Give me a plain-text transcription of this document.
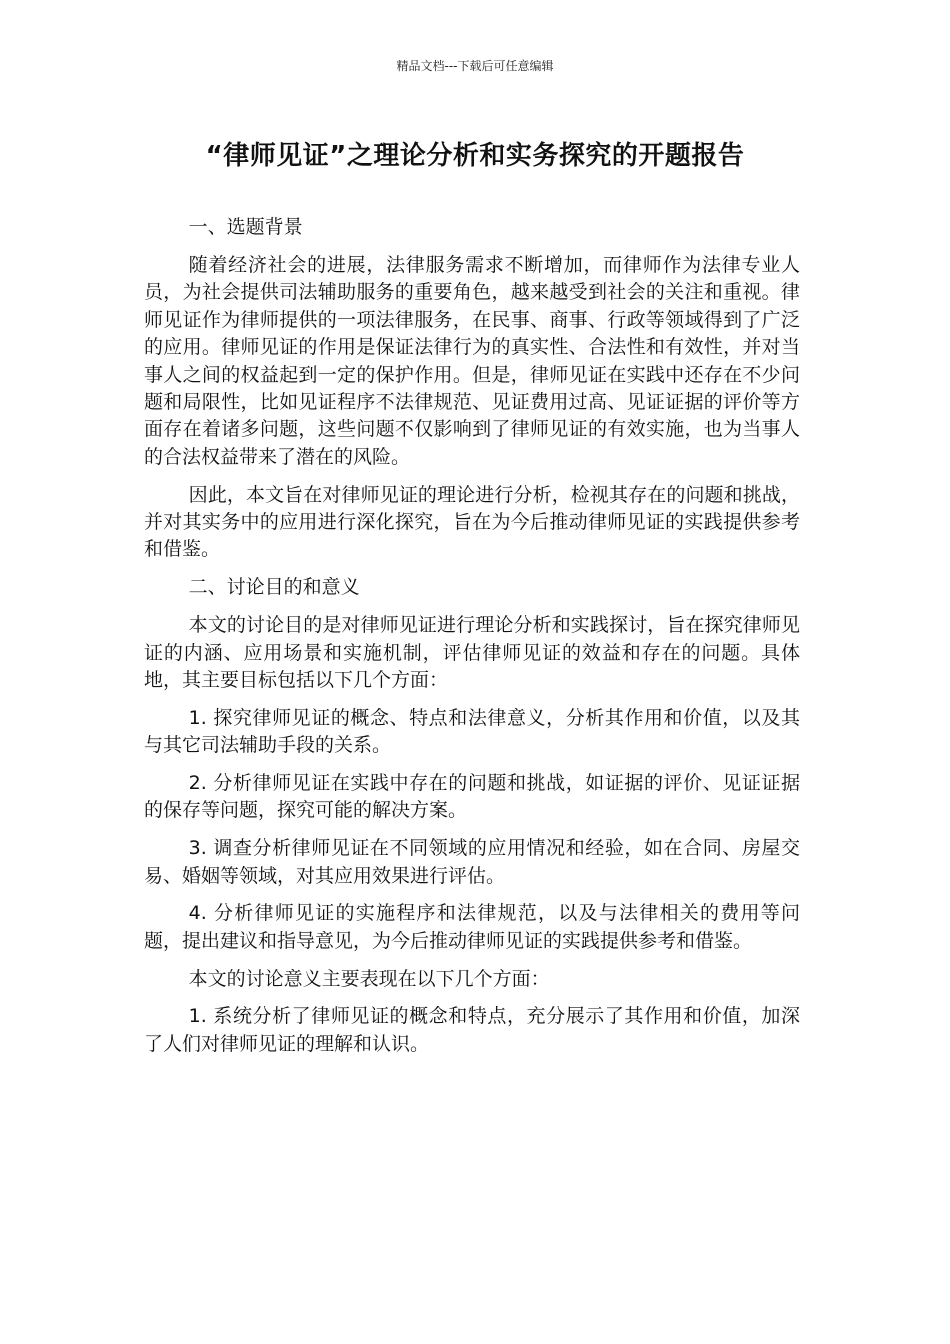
精品文档---下载后可任意编辑
“律师见证”之理论分析和实务探究的开题报告

一、选题背景

随着经济社会的进展，法律服务需求不断增加，而律师作为法律专业人员，为社会提供司法辅助服务的重要角色，越来越受到社会的关注和重视。律师见证作为律师提供的一项法律服务，在民事、商事、行政等领域得到了广泛的应用。律师见证的作用是保证法律行为的真实性、合法性和有效性，并对当事人之间的权益起到一定的保护作用。但是，律师见证在实践中还存在不少问题和局限性，比如见证程序不法律规范、见证费用过高、见证证据的评价等方面存在着诸多问题，这些问题不仅影响到了律师见证的有效实施，也为当事人的合法权益带来了潜在的风险。

因此，本文旨在对律师见证的理论进行分析，检视其存在的问题和挑战，并对其实务中的应用进行深化探究，旨在为今后推动律师见证的实践提供参考和借鉴。

二、讨论目的和意义

本文的讨论目的是对律师见证进行理论分析和实践探讨，旨在探究律师见证的内涵、应用场景和实施机制，评估律师见证的效益和存在的问题。具体地，其主要目标包括以下几个方面：

1. 探究律师见证的概念、特点和法律意义，分析其作用和价值，以及其与其它司法辅助手段的关系。

2. 分析律师见证在实践中存在的问题和挑战，如证据的评价、见证证据的保存等问题，探究可能的解决方案。

3. 调查分析律师见证在不同领域的应用情况和经验，如在合同、房屋交易、婚姻等领域，对其应用效果进行评估。

4. 分析律师见证的实施程序和法律规范，以及与法律相关的费用等问题，提出建议和指导意见，为今后推动律师见证的实践提供参考和借鉴。

本文的讨论意义主要表现在以下几个方面：

1. 系统分析了律师见证的概念和特点，充分展示了其作用和价值，加深了人们对律师见证的理解和认识。
